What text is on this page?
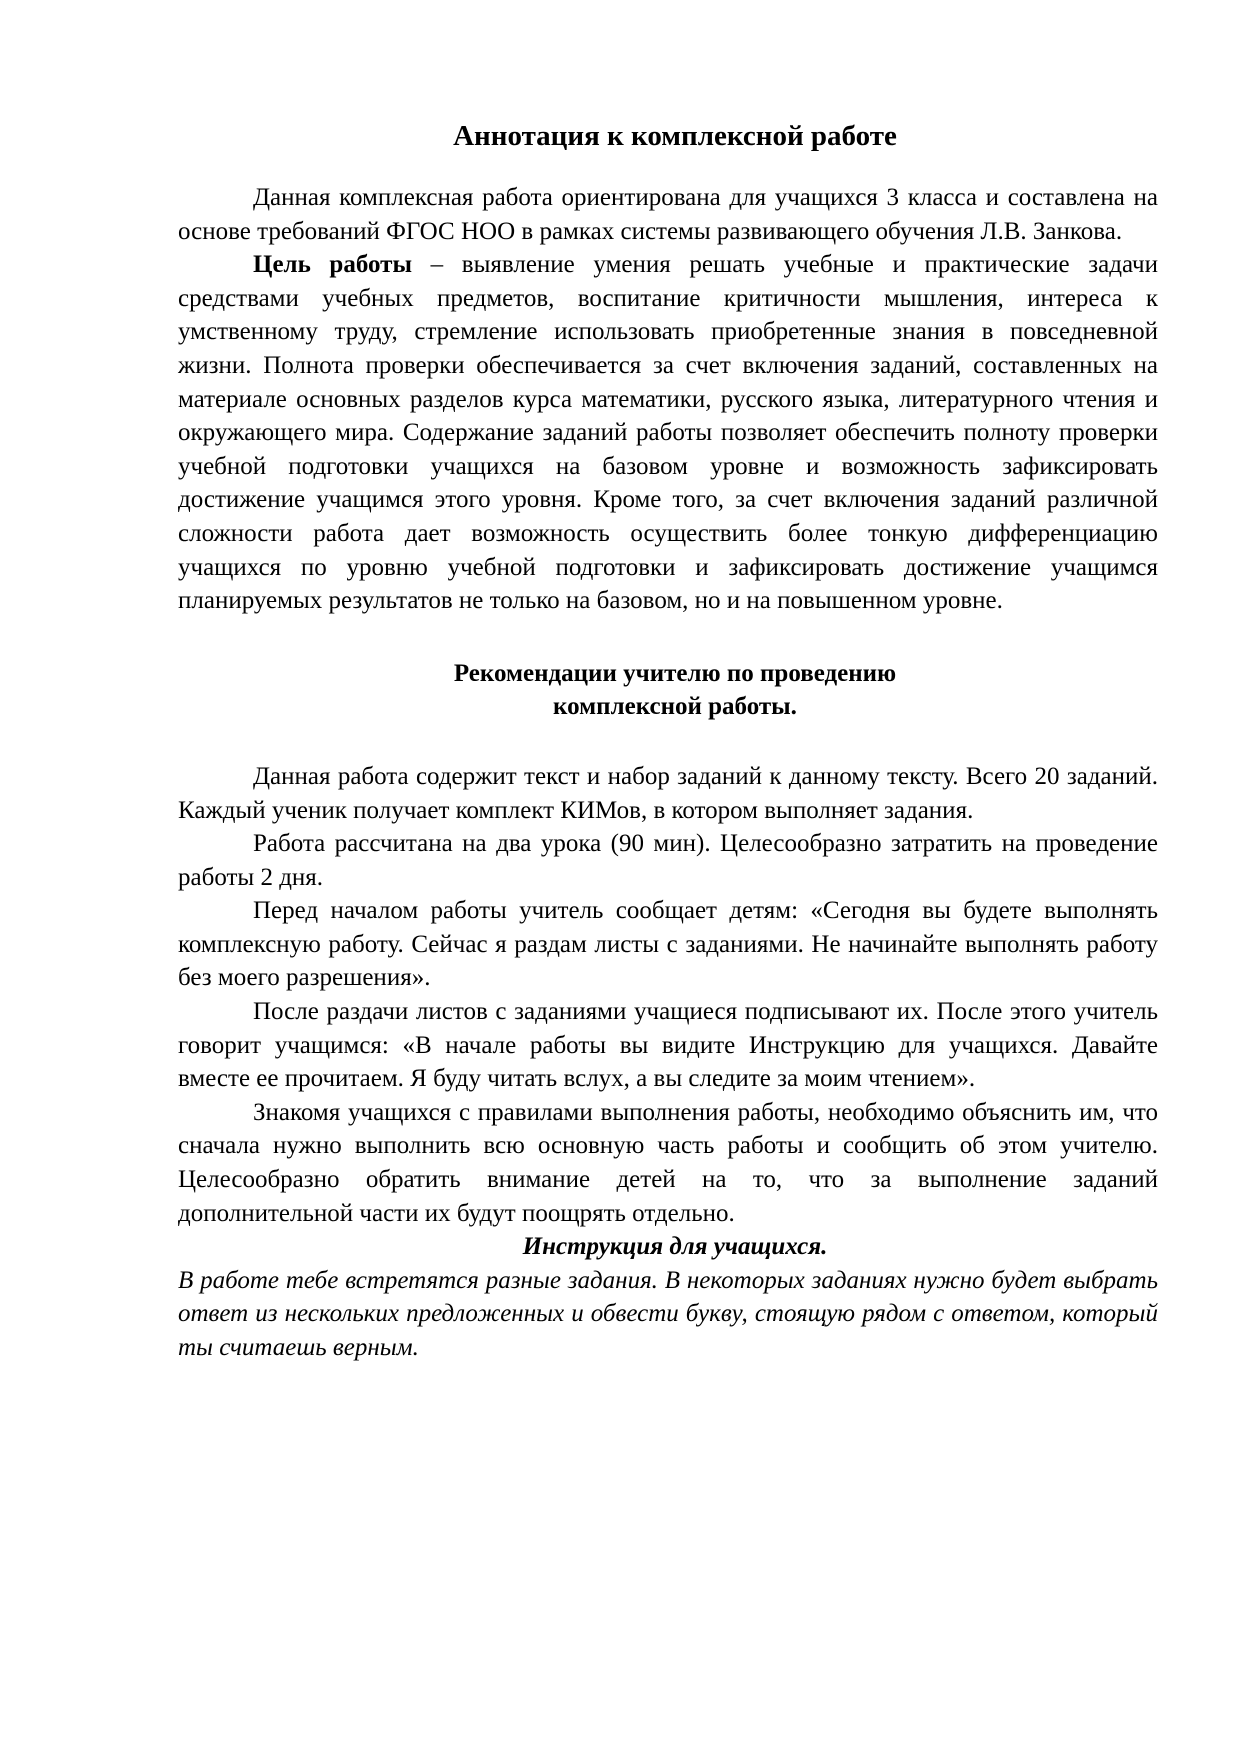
Аннотация к комплексной работе

Данная комплексная работа ориентирована для учащихся 3 класса и составлена на основе требований ФГОС НОО в рамках системы развивающего обучения Л.В. Занкова.

Цель работы – выявление умения решать учебные и практические задачи средствами учебных предметов, воспитание критичности мышления, интереса к умственному труду, стремление использовать приобретенные знания в повседневной жизни. Полнота проверки обеспечивается за счет включения заданий, составленных на материале основных разделов курса математики, русского языка, литературного чтения и окружающего мира. Содержание заданий работы позволяет обеспечить полноту проверки учебной подготовки учащихся на базовом уровне и возможность зафиксировать достижение учащимся этого уровня. Кроме того, за счет включения заданий различной сложности работа дает возможность осуществить более тонкую дифференциацию учащихся по уровню учебной подготовки и зафиксировать достижение учащимся планируемых результатов не только на базовом, но и на повышенном уровне.

Рекомендации учителю по проведению
комплексной работы.

Данная работа содержит текст и набор заданий к данному тексту. Всего 20 заданий. Каждый ученик получает комплект КИМов, в котором выполняет задания.

Работа рассчитана на два урока (90 мин). Целесообразно затратить на проведение работы 2 дня.

Перед началом работы учитель сообщает детям: «Сегодня вы будете выполнять комплексную работу. Сейчас я раздам листы с заданиями. Не начинайте выполнять работу без моего разрешения».

После раздачи листов с заданиями учащиеся подписывают их. После этого учитель говорит учащимся: «В начале работы вы видите Инструкцию для учащихся. Давайте вместе ее прочитаем. Я буду читать вслух, а вы следите за моим чтением».

Знакомя учащихся с правилами выполнения работы, необходимо объяснить им, что сначала нужно выполнить всю основную часть работы и сообщить об этом учителю. Целесообразно обратить внимание детей на то, что за выполнение заданий дополнительной части их будут поощрять отдельно.

Инструкция для учащихся.

В работе тебе встретятся разные задания. В некоторых заданиях нужно будет выбрать ответ из нескольких предложенных и обвести букву, стоящую рядом с ответом, который ты считаешь верным.
